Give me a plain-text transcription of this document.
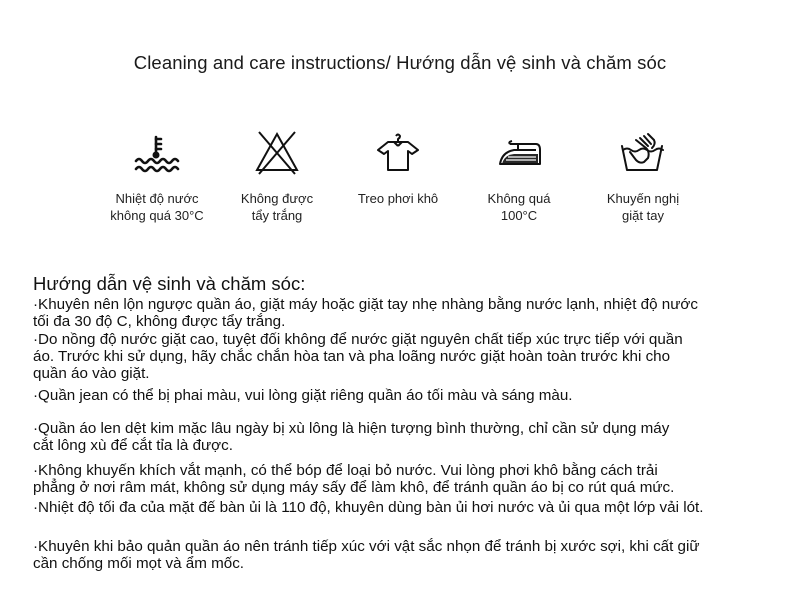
Cleaning and care instructions/ Hướng dẫn vệ sinh và chăm sóc
Nhiệt độ nước
không quá 30°C
Không được
tẩy trắng
Treo phơi khô	Không quá
100°C
Khuyến nghị
giặt tay
Hướng dẫn vệ sinh và chăm sóc:
·Khuyên nên lộn ngược quần áo, giặt máy hoặc giặt tay nhẹ nhàng bằng nước lạnh, nhiệt độ nước
tối đa 30 độ C, không được tẩy trắng.
·Do nồng độ nước giặt cao, tuyệt đối không để nước giặt nguyên chất tiếp xúc trực tiếp với quần
áo. Trước khi sử dụng, hãy chắc chắn hòa tan và pha loãng nước giặt hoàn toàn trước khi cho
quần áo vào giặt.
·Quần jean có thể bị phai màu, vui lòng giặt riêng quần áo tối màu và sáng màu.
·Quần áo len dệt kim mặc lâu ngày bị xù lông là hiện tượng bình thường, chỉ cần sử dụng máy
cắt lông xù để cắt tỉa là được.
·Không khuyến khích vắt mạnh, có thể bóp để loại bỏ nước. Vui lòng phơi khô bằng cách trải
phẳng ở nơi râm mát, không sử dụng máy sấy để làm khô, để tránh quần áo bị co rút quá mức.
·Nhiệt độ tối đa của mặt đế bàn ủi là 110 độ, khuyên dùng bàn ủi hơi nước và ủi qua một lớp vải lót.
·Khuyên khi bảo quản quần áo nên tránh tiếp xúc với vật sắc nhọn để tránh bị xước sợi, khi cất giữ
cần chống mối mọt và ẩm mốc.
